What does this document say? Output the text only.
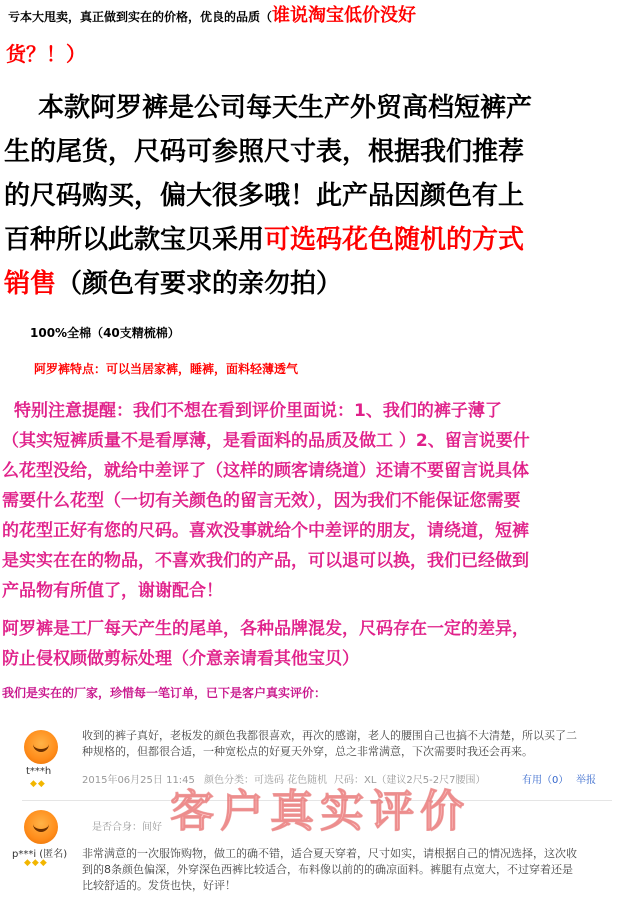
亏本大甩卖，真正做到实在的价格，优良的品质（谁说淘宝低价没好
货？！）
本款阿罗裤是公司每天生产外贸高档短裤产
生的尾货，尺码可参照尺寸表，根据我们推荐
的尺码购买，偏大很多哦！此产品因颜色有上
百种所以此款宝贝采用可选码花色随机的方式
销售（颜色有要求的亲勿拍）
100%全棉（40支精梳棉）
阿罗裤特点：可以当居家裤，睡裤，面料轻薄透气
特别注意提醒：我们不想在看到评价里面说：1、我们的裤子薄了
（其实短裤质量不是看厚薄，是看面料的品质及做工 ）2、留言说要什
么花型没给，就给中差评了（这样的顾客请绕道）还请不要留言说具体
需要什么花型（一切有关颜色的留言无效），因为我们不能保证您需要
的花型正好有您的尺码。喜欢没事就给个中差评的朋友，请绕道，短裤
是实实在在的物品，不喜欢我们的产品，可以退可以换，我们已经做到
产品物有所值了，谢谢配合！
阿罗裤是工厂每天产生的尾单，各种品牌混发，尺码存在一定的差异，
防止侵权顾做剪标处理（介意亲请看其他宝贝）
我们是实在的厂家，珍惜每一笔订单，已下是客户真实评价：
t***h
◆◆
收到的裤子真好，老板发的颜色我都很喜欢，再次的感谢，老人的腰围自己也搞不大清楚，所以买了二
种规格的，但都很合适，一种宽松点的好夏天外穿，总之非常满意，下次需要时我还会再来。
2015年06月25日 11:45 颜色分类：可选码 花色随机 尺码：XL（建议2尺5-2尺7腰围）	有用（0） 举报
客户真实评价
是否合身：间好
p***i (匿名)
◆◆◆
非常满意的一次服饰购物，做工的确不错，适合夏天穿着，尺寸如实，请根据自己的情况选择，这次收
到的8条颜色偏深，外穿深色西裤比较适合，布料像以前的的确凉面料。裤腿有点宽大，不过穿着还是
比较舒适的。发货也快，好评！
